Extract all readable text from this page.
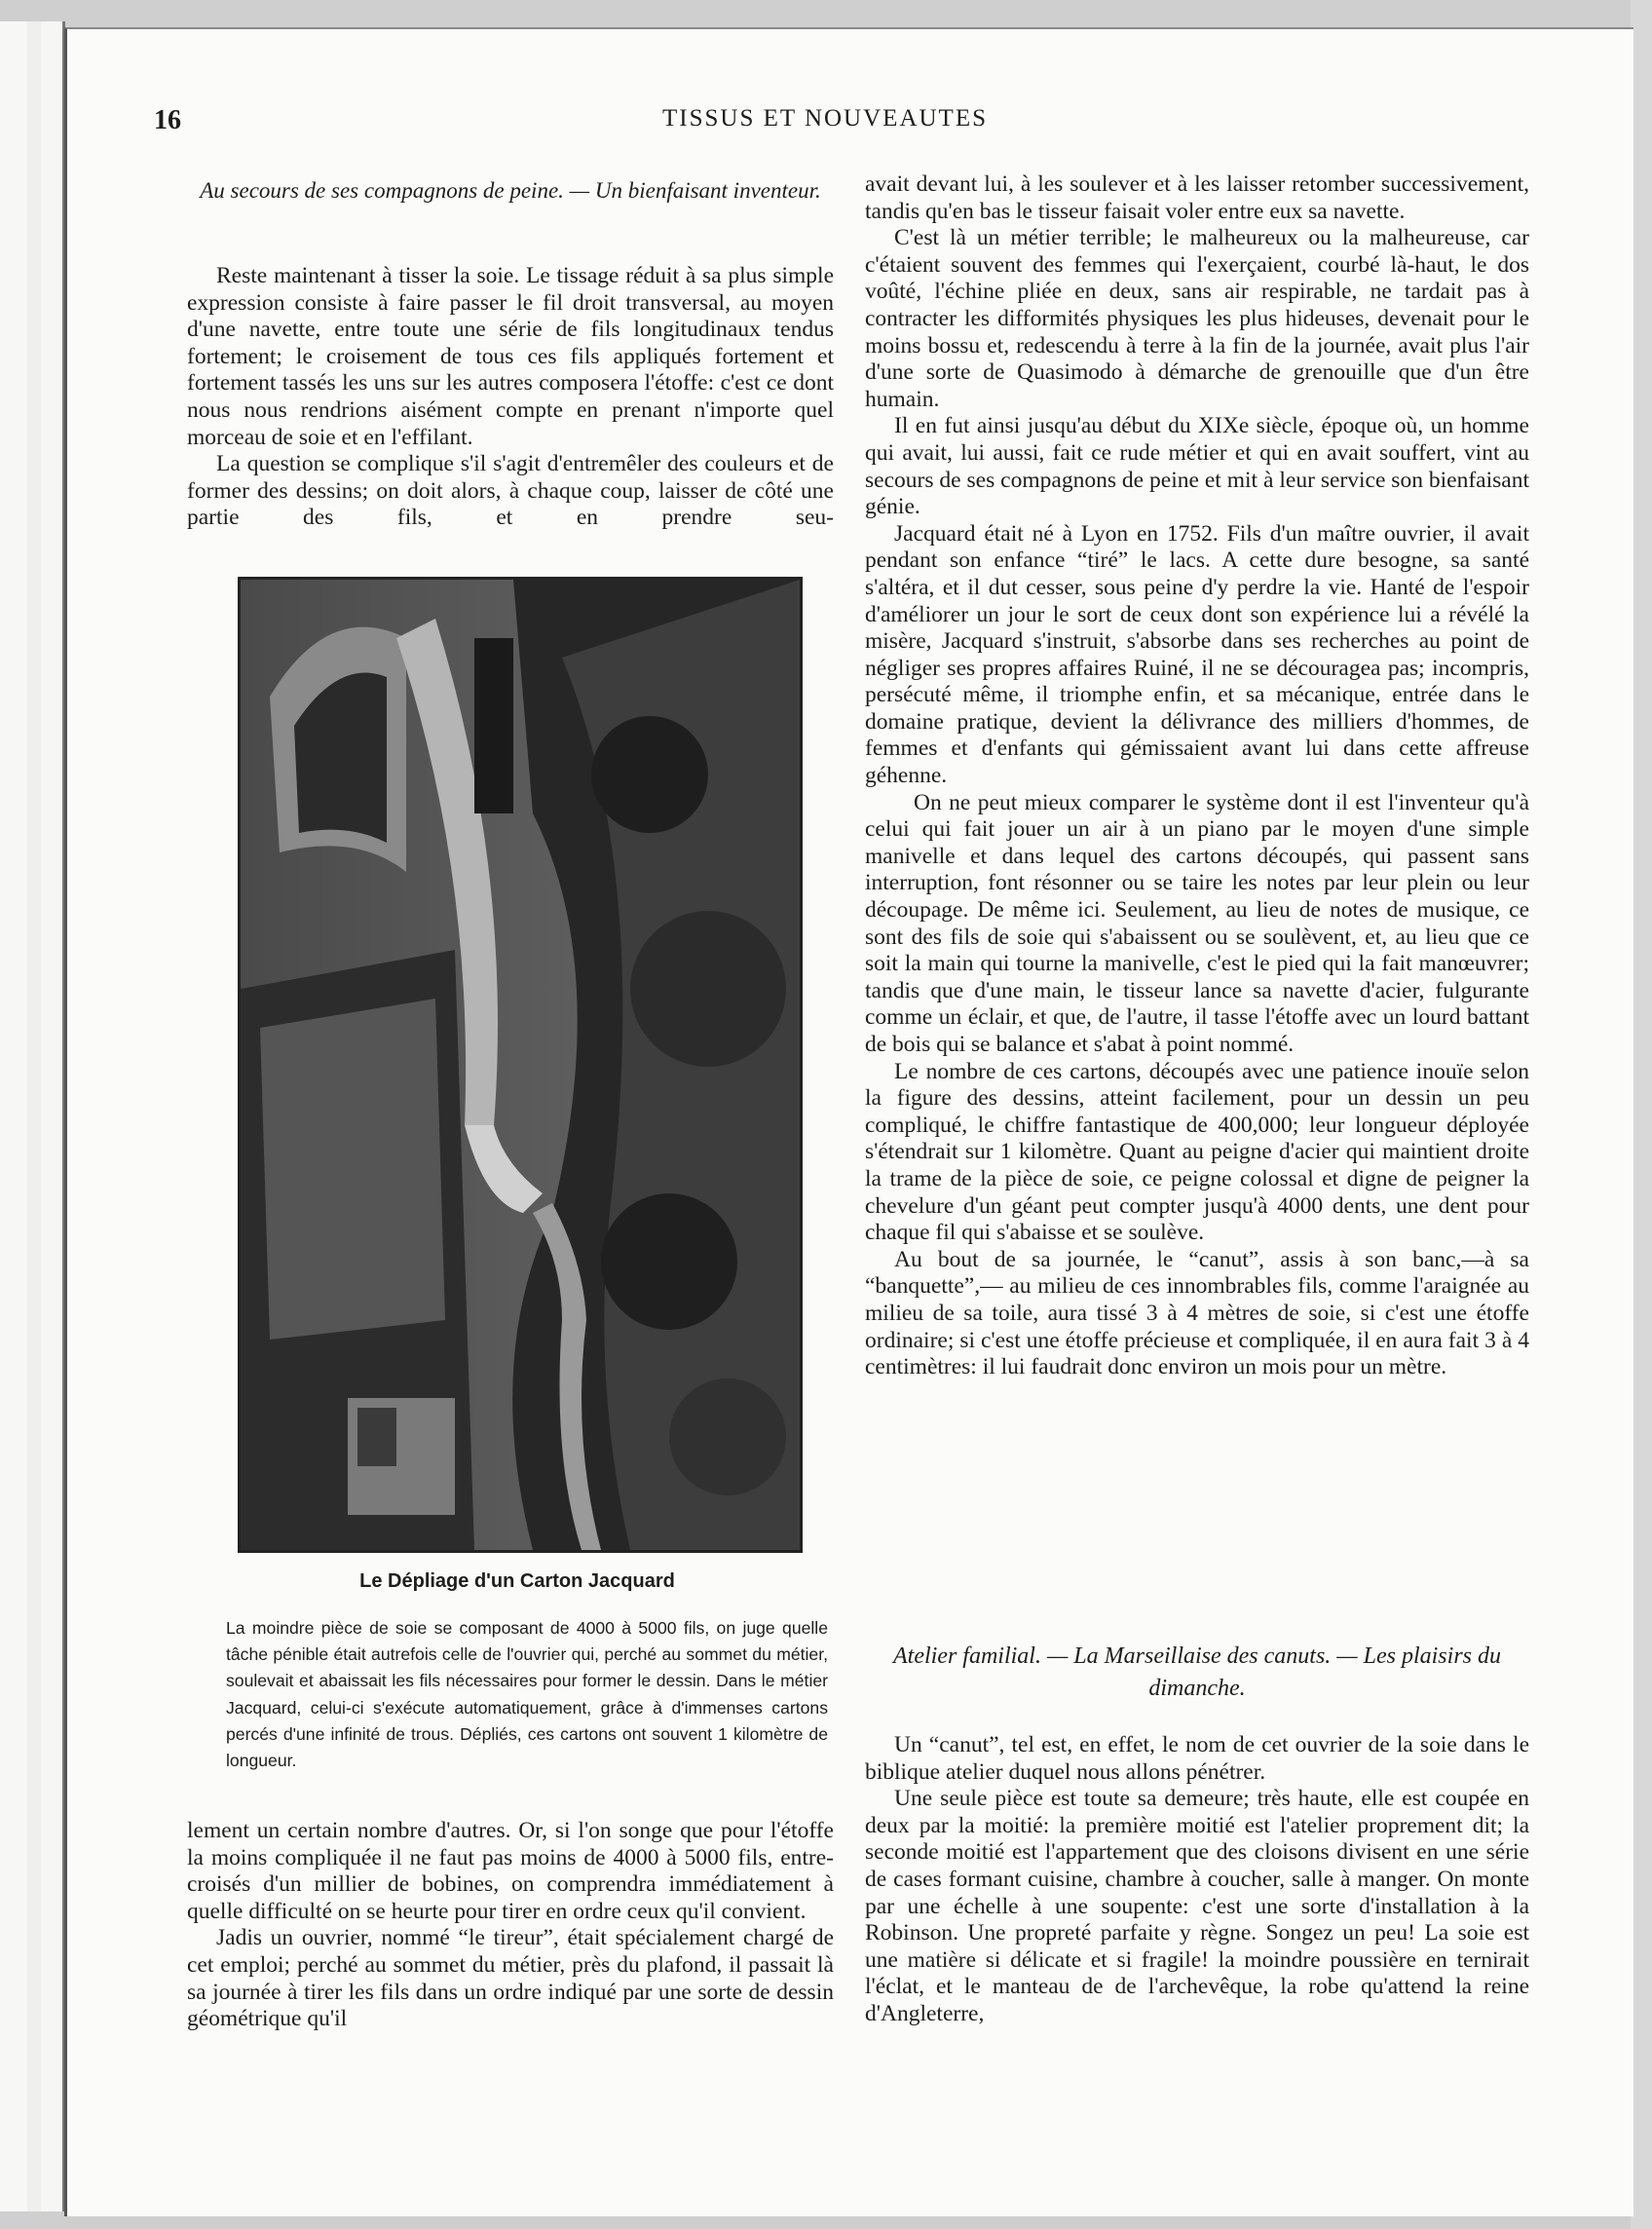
16	TISSUS ET NOUVEAUTES
Au secours de ses compagnons de peine. — Un bienfaisant inventeur.

Reste maintenant à tisser la soie. Le tissage réduit à sa plus simple expression consiste à faire passer le fil droit transversal, au moyen d'une navette, entre toute une série de fils longitudinaux tendus fortement; le croisement de tous ces fils appliqués fortement et fortement tassés les uns sur les autres composera l'étoffe: c'est ce dont nous nous rendrions aisément compte en prenant n'importe quel morceau de soie et en l'effilant.

La question se complique s'il s'agit d'entremêler des couleurs et de former des dessins; on doit alors, à chaque coup, laisser de côté une partie des fils, et en prendre seu-

Le Dépliage d'un Carton Jacquard

La moindre pièce de soie se composant de 4000 à 5000 fils, on juge quelle tâche pénible était autrefois celle de l'ouvrier qui, perché au sommet du métier, soulevait et abaissait les fils nécessaires pour former le dessin. Dans le métier Jacquard, celui-ci s'exécute automatiquement, grâce à d'immenses cartons percés d'une infinité de trous. Dépliés, ces cartons ont souvent 1 kilomètre de longueur.

lement un certain nombre d'autres. Or, si l'on songe que pour l'étoffe la moins compliquée il ne faut pas moins de 4000 à 5000 fils, entre-croisés d'un millier de bobines, on comprendra immédiatement à quelle difficulté on se heurte pour tirer en ordre ceux qu'il convient.

Jadis un ouvrier, nommé “le tireur”, était spécialement chargé de cet emploi; perché au sommet du métier, près du plafond, il passait là sa journée à tirer les fils dans un ordre indiqué par une sorte de dessin géométrique qu'il

avait devant lui, à les soulever et à les laisser retomber successivement, tandis qu'en bas le tisseur faisait voler entre eux sa navette.

C'est là un métier terrible; le malheureux ou la malheureuse, car c'étaient souvent des femmes qui l'exerçaient, courbé là-haut, le dos voûté, l'échine pliée en deux, sans air respirable, ne tardait pas à contracter les difformités physiques les plus hideuses, devenait pour le moins bossu et, redescendu à terre à la fin de la journée, avait plus l'air d'une sorte de Quasimodo à démarche de grenouille que d'un être humain.

Il en fut ainsi jusqu'au début du XIXe siècle, époque où, un homme qui avait, lui aussi, fait ce rude métier et qui en avait souffert, vint au secours de ses compagnons de peine et mit à leur service son bienfaisant génie.

Jacquard était né à Lyon en 1752. Fils d'un maître ouvrier, il avait pendant son enfance “tiré” le lacs. A cette dure besogne, sa santé s'altéra, et il dut cesser, sous peine d'y perdre la vie. Hanté de l'espoir d'améliorer un jour le sort de ceux dont son expérience lui a révélé la misère, Jacquard s'instruit, s'absorbe dans ses recherches au point de négliger ses propres affaires Ruiné, il ne se découragea pas; incompris, persécuté même, il triomphe enfin, et sa mécanique, entrée dans le domaine pratique, devient la délivrance des milliers d'hommes, de femmes et d'enfants qui gémissaient avant lui dans cette affreuse géhenne.

On ne peut mieux comparer le système dont il est l'inventeur qu'à celui qui fait jouer un air à un piano par le moyen d'une simple manivelle et dans lequel des cartons découpés, qui passent sans interruption, font résonner ou se taire les notes par leur plein ou leur découpage. De même ici. Seulement, au lieu de notes de musique, ce sont des fils de soie qui s'abaissent ou se soulèvent, et, au lieu que ce soit la main qui tourne la manivelle, c'est le pied qui la fait manœuvrer; tandis que d'une main, le tisseur lance sa navette d'acier, fulgurante comme un éclair, et que, de l'autre, il tasse l'étoffe avec un lourd battant de bois qui se balance et s'abat à point nommé.

Le nombre de ces cartons, découpés avec une patience inouïe selon la figure des dessins, atteint facilement, pour un dessin un peu compliqué, le chiffre fantastique de 400,000; leur longueur déployée s'étendrait sur 1 kilomètre. Quant au peigne d'acier qui maintient droite la trame de la pièce de soie, ce peigne colossal et digne de peigner la chevelure d'un géant peut compter jusqu'à 4000 dents, une dent pour chaque fil qui s'abaisse et se soulève.

Au bout de sa journée, le “canut”, assis à son banc,—à sa “banquette”,— au milieu de ces innombrables fils, comme l'araignée au milieu de sa toile, aura tissé 3 à 4 mètres de soie, si c'est une étoffe ordinaire; si c'est une étoffe précieuse et compliquée, il en aura fait 3 à 4 centimètres: il lui faudrait donc environ un mois pour un mètre.

Atelier familial. — La Marseillaise des canuts. — Les plaisirs du dimanche.

Un “canut”, tel est, en effet, le nom de cet ouvrier de la soie dans le biblique atelier duquel nous allons pénétrer.

Une seule pièce est toute sa demeure; très haute, elle est coupée en deux par la moitié: la première moitié est l'atelier proprement dit; la seconde moitié est l'appartement que des cloisons divisent en une série de cases formant cuisine, chambre à coucher, salle à manger. On monte par une échelle à une soupente: c'est une sorte d'installation à la Robinson. Une propreté parfaite y règne. Songez un peu! La soie est une matière si délicate et si fragile! la moindre poussière en ternirait l'éclat, et le manteau de de l'archevêque, la robe qu'attend la reine d'Angleterre,
